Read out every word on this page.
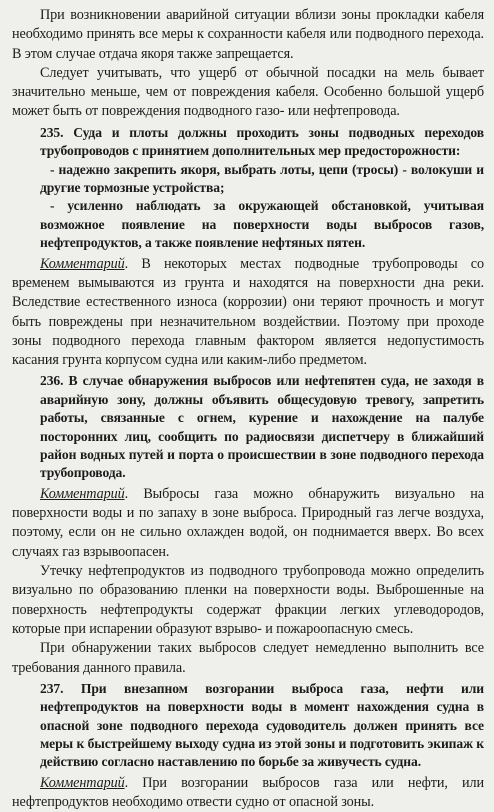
При возникновении аварийной ситуации вблизи зоны прокладки кабеля необходимо принять все меры к сохранности кабеля или подводного перехода. В этом случае отдача якоря также запрещается.

Следует учитывать, что ущерб от обычной посадки на мель бывает значительно меньше, чем от повреждения кабеля. Особенно большой ущерб может быть от повреждения подводного газо- или нефтепровода.

235. Суда и плоты должны проходить зоны подводных переходов трубопроводов с принятием дополнительных мер предосторожности:

- надежно закрепить якоря, выбрать лоты, цепи (тросы) - волокуши и другие тормозные устройства;

- усиленно наблюдать за окружающей обстановкой, учитывая возможное появление на поверхности воды выбросов газов, нефтепродуктов, а также появление нефтяных пятен.

Комментарий. В некоторых местах подводные трубопроводы со временем вымываются из грунта и находятся на поверхности дна реки. Вследствие естественного износа (коррозии) они теряют прочность и могут быть повреждены при незначительном воздействии. Поэтому при проходе зоны подводного перехода главным фактором является недопустимость касания грунта корпусом судна или каким-либо предметом.

236. В случае обнаружения выбросов или нефтепятен суда, не заходя в аварийную зону, должны объявить общесудовую тревогу, запретить работы, связанные с огнем, курение и нахождение на палубе посторонних лиц, сообщить по радиосвязи диспетчеру в ближайший район водных путей и порта о происшествии в зоне подводного перехода трубопровода.

Комментарий. Выбросы газа можно обнаружить визуально на поверхности воды и по запаху в зоне выброса. Природный газ легче воздуха, поэтому, если он не сильно охлажден водой, он поднимается вверх. Во всех случаях газ взрывоопасен.

Утечку нефтепродуктов из подводного трубопровода можно определить визуально по образованию пленки на поверхности воды. Выброшенные на поверхность нефтепродукты содержат фракции легких углеводородов, которые при испарении образуют взрыво- и пожароопасную смесь.

При обнаружении таких выбросов следует немедленно выполнить все требования данного правила.

237. При внезапном возгорании выброса газа, нефти или нефтепродуктов на поверхности воды в момент нахождения судна в опасной зоне подводного перехода судоводитель должен принять все меры к быстрейшему выходу судна из этой зоны и подготовить экипаж к действию согласно наставлению по борьбе за живучесть судна.

Комментарий. При возгорании выбросов газа или нефти, или нефтепродуктов необходимо отвести судно от опасной зоны.
